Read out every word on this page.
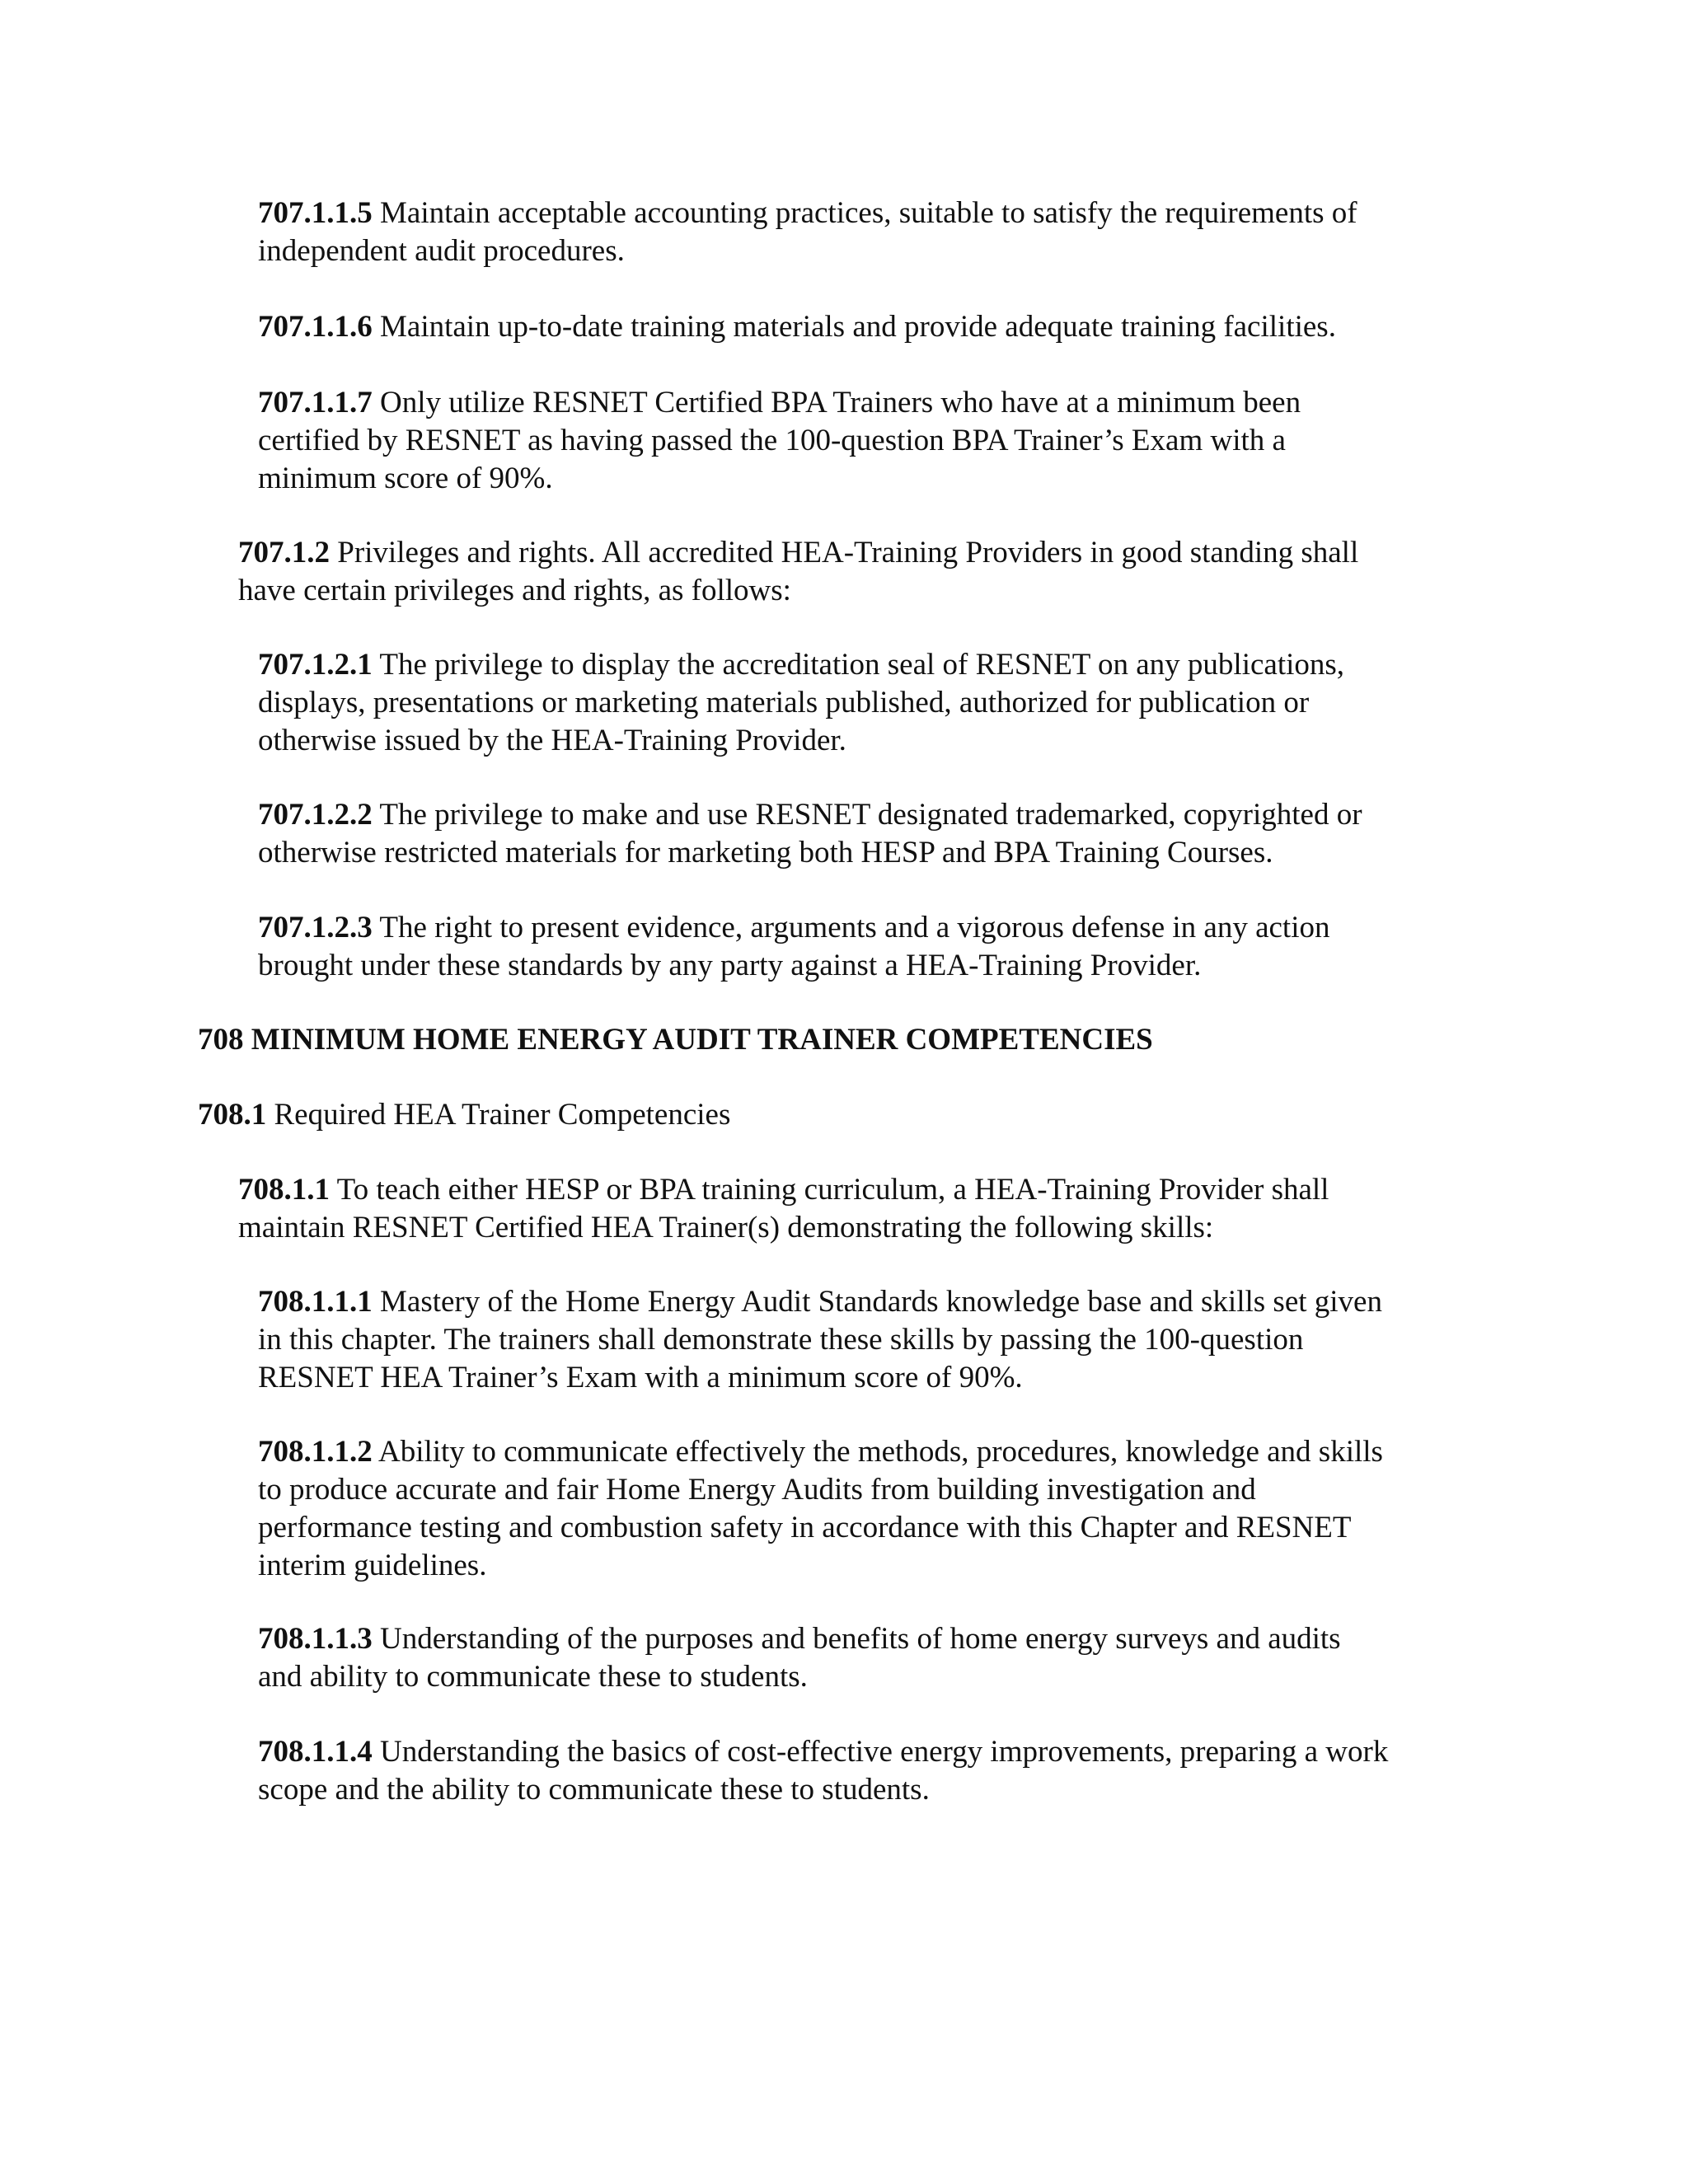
707.1.1.5 Maintain acceptable accounting practices, suitable to satisfy the requirements of
independent audit procedures.

707.1.1.6 Maintain up-to-date training materials and provide adequate training facilities.

707.1.1.7 Only utilize RESNET Certified BPA Trainers who have at a minimum been
certified by RESNET as having passed the 100-question BPA Trainer’s Exam with a
minimum score of 90%.

707.1.2 Privileges and rights. All accredited HEA-Training Providers in good standing shall
have certain privileges and rights, as follows:

707.1.2.1 The privilege to display the accreditation seal of RESNET on any publications,
displays, presentations or marketing materials published, authorized for publication or
otherwise issued by the HEA-Training Provider.

707.1.2.2 The privilege to make and use RESNET designated trademarked, copyrighted or
otherwise restricted materials for marketing both HESP and BPA Training Courses.

707.1.2.3 The right to present evidence, arguments and a vigorous defense in any action
brought under these standards by any party against a HEA-Training Provider.

708 MINIMUM HOME ENERGY AUDIT TRAINER COMPETENCIES

708.1 Required HEA Trainer Competencies

708.1.1 To teach either HESP or BPA training curriculum, a HEA-Training Provider shall
maintain RESNET Certified HEA Trainer(s) demonstrating the following skills:

708.1.1.1 Mastery of the Home Energy Audit Standards knowledge base and skills set given
in this chapter. The trainers shall demonstrate these skills by passing the 100-question
RESNET HEA Trainer’s Exam with a minimum score of 90%.

708.1.1.2 Ability to communicate effectively the methods, procedures, knowledge and skills
to produce accurate and fair Home Energy Audits from building investigation and
performance testing and combustion safety in accordance with this Chapter and RESNET
interim guidelines.

708.1.1.3 Understanding of the purposes and benefits of home energy surveys and audits
and ability to communicate these to students.

708.1.1.4 Understanding the basics of cost-effective energy improvements, preparing a work
scope and the ability to communicate these to students.
